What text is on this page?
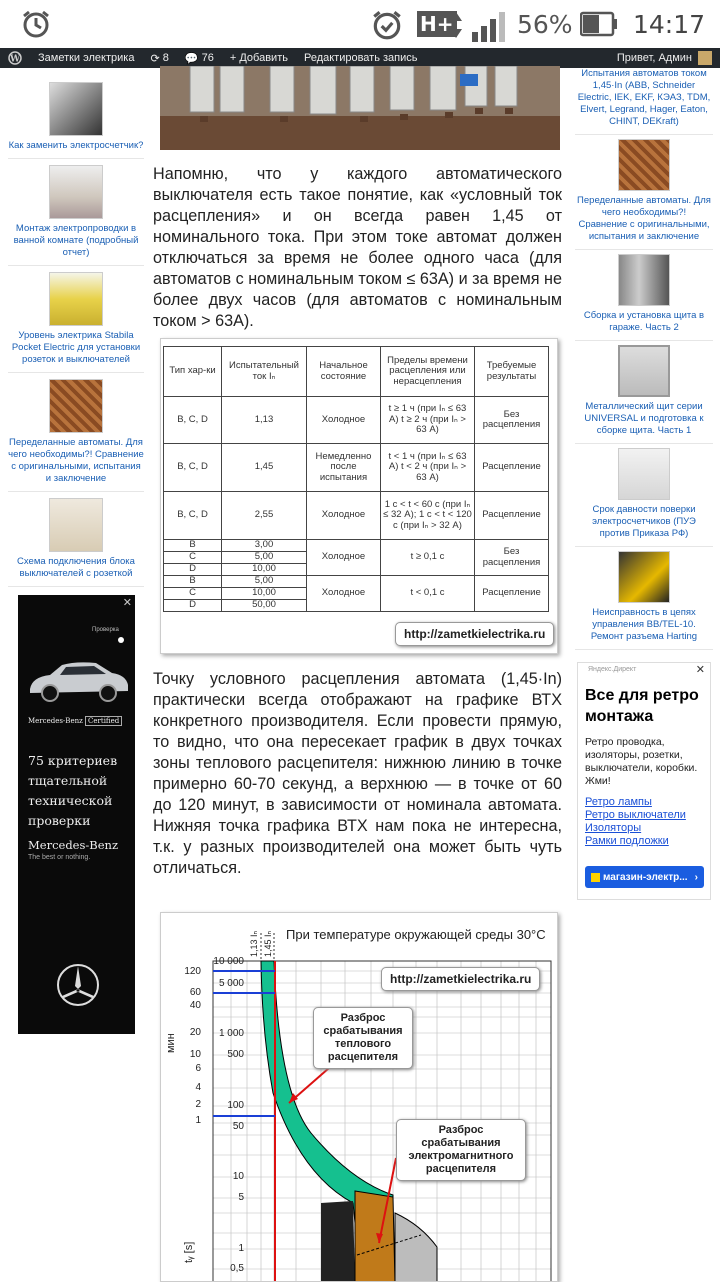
H+	56% 14:17
W	Заметки электрика	⟳ 8 💬 76	+ Добавить	Редактировать запись	Привет, Админ
Как заменить электросчетчик?
Монтаж электропроводки в ванной комнате (подробный отчет)
Уровень электрика Stabila Pocket Electric для установки розеток и выключателей
Переделанные автоматы. Для чего необходимы?! Сравнение с оригинальными, испытания и заключение
Схема подключения блока выключателей с розеткой
✕
Проверка
Mercedes-Benz Certified
75 критериев тщательной технической проверки
Mercedes-Benz
The best or nothing.
Испытания автоматов током 1,45·In (ABB, Schneider Electric, IEK, EKF, КЭАЗ, TDM, Elvert, Legrand, Hager, Eaton, CHINT, DEKraft)
Переделанные автоматы. Для чего необходимы?! Сравнение с оригинальными, испытания и заключение
Сборка и установка щита в гараже. Часть 2
Металлический щит серии UNIVERSAL и подготовка к сборке щита. Часть 1
Срок давности поверки электросчетчиков (ПУЭ против Приказа РФ)
Неисправность в цепях управления ВВ/TEL-10. Ремонт разъема Harting
Яндекс.Директ	✕
Все для ретро монтажа
Ретро проводка, изоляторы, розетки, выключатели, коробки. Жми!
Ретро лампы
Ретро выключатели
Изоляторы
Рамки подложки
магазин-электр... ›
Напомню, что у каждого автоматического выключателя есть такое понятие, как «условный ток расцепления» и он всегда равен 1,45 от номинального тока. При этом токе автомат должен отключаться за время не более одного часа (для автоматов с номинальным током ≤ 63А) и за время не более двух часов (для автоматов с номинальным током > 63А).
Тип хар-ки	Испытательный ток Iₙ	Начальное состояние	Пределы времени расцепления или нерасцепления	Требуемые результаты
B, C, D	1,13	Холодное	t ≥ 1 ч (при Iₙ ≤ 63 А) t ≥ 2 ч (при Iₙ > 63 А)	Без расцепления
B, C, D	1,45	Немедленно после испытания	t < 1 ч (при Iₙ ≤ 63 А) t < 2 ч (при Iₙ > 63 А)	Расцепление
B, C, D	2,55	Холодное	1 с < t < 60 с (при Iₙ ≤ 32 А); 1 с < t < 120 с (при Iₙ > 32 А)	Расцепление
B	3,00	Холодное	t ≥ 0,1 с	Без расцепления
C	5,00			
D	10,00			
B	5,00	Холодное	t < 0,1 с	Расцепление
C	10,00			
D	50,00			
http://zametkielectrika.ru
Точку условного расцепления автомата (1,45·In) практически всегда отображают на графике ВТХ конкретного производителя. Если провести прямую, то видно, что она пересекает график в двух точках зоны теплового расцепителя: нижнюю линию в точке примерно 60-70 секунд, а верхнюю — в точке от 60 до 120 минут, в зависимости от номинала автомата. Нижняя точка графика ВТХ нам пока не интересна, т.к. у разных производителей она может быть чуть отличаться.
При температуре окружающей среды 30°С
1,13 Iₙ 1,45 Iₙ
http://zametkielectrika.ru
мин
tᵧ [s]
120
60
40
20
10
6
4
2
1
10 000
5 000
1 000
500
100
50
10
5
1
0,5
Разброс срабатывания теплового расцепителя
Разброс срабатывания электромагнитного расцепителя
